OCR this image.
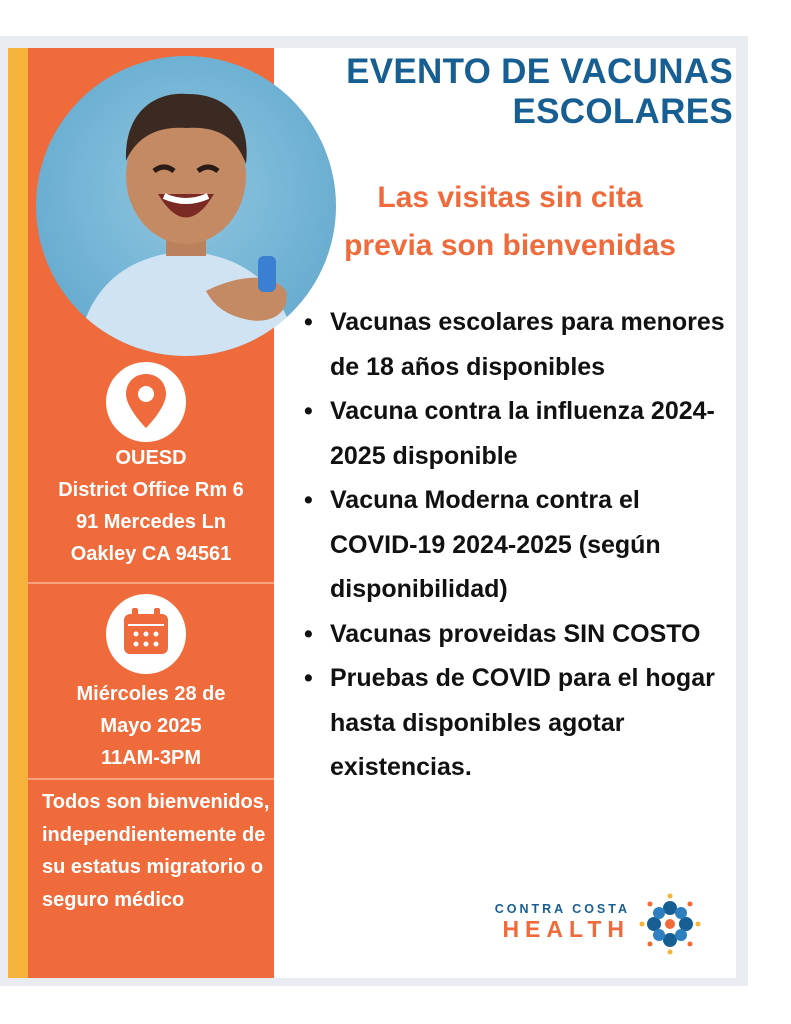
EVENTO DE VACUNAS
ESCOLARES
Las visitas sin cita
previa son bienvenidas
• Vacunas escolares para menores de 18 años disponibles
• Vacuna contra la influenza 2024-2025 disponible
• Vacuna Moderna contra el COVID-19 2024-2025 (según disponibilidad)
• Vacunas proveidas SIN COSTO
• Pruebas de COVID para el hogar hasta disponibles agotar existencias.
OUESD
District Office Rm 6
91 Mercedes Ln
Oakley CA 94561
Miércoles 28 de
Mayo 2025
11AM-3PM
Todos son bienvenidos, independientemente de su estatus migratorio o seguro médico	CONTRA COSTA
HEALTH
